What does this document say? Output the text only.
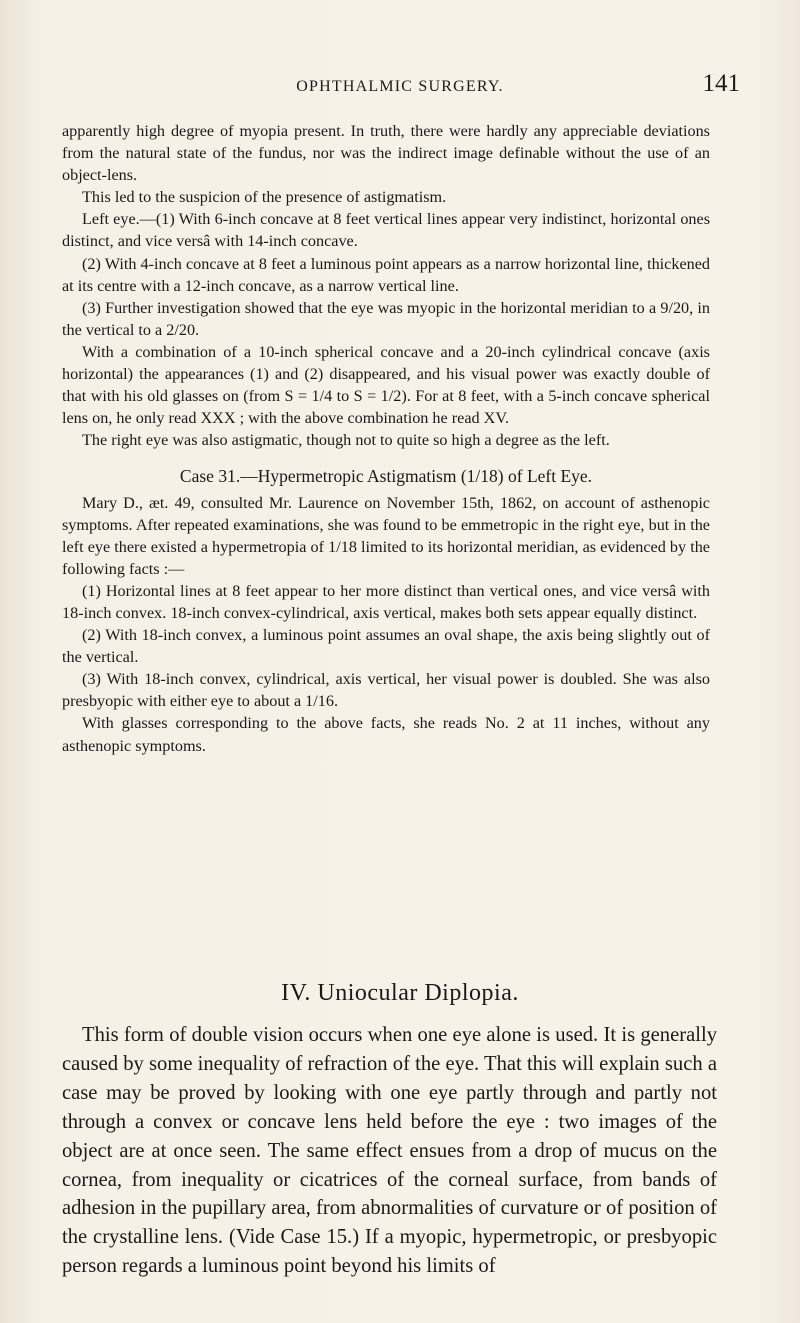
OPHTHALMIC SURGERY.	141

apparently high degree of myopia present. In truth, there were hardly any appreciable deviations from the natural state of the fundus, nor was the indirect image definable without the use of an object-lens.

This led to the suspicion of the presence of astigmatism.

Left eye.—(1) With 6-inch concave at 8 feet vertical lines appear very indistinct, horizontal ones distinct, and vice versâ with 14-inch concave.

(2) With 4-inch concave at 8 feet a luminous point appears as a narrow horizontal line, thickened at its centre with a 12-inch concave, as a narrow vertical line.

(3) Further investigation showed that the eye was myopic in the horizontal meridian to a 9/20, in the vertical to a 2/20.

With a combination of a 10-inch spherical concave and a 20-inch cylindrical concave (axis horizontal) the appearances (1) and (2) disappeared, and his visual power was exactly double of that with his old glasses on (from S = 1/4 to S = 1/2). For at 8 feet, with a 5-inch concave spherical lens on, he only read XXX ; with the above combination he read XV.

The right eye was also astigmatic, though not to quite so high a degree as the left.

Case 31.—Hypermetropic Astigmatism (1/18) of Left Eye.

Mary D., æt. 49, consulted Mr. Laurence on November 15th, 1862, on account of asthenopic symptoms. After repeated examinations, she was found to be emmetropic in the right eye, but in the left eye there existed a hypermetropia of 1/18 limited to its horizontal meridian, as evidenced by the following facts :—

(1) Horizontal lines at 8 feet appear to her more distinct than vertical ones, and vice versâ with 18-inch convex. 18-inch convex-cylindrical, axis vertical, makes both sets appear equally distinct.

(2) With 18-inch convex, a luminous point assumes an oval shape, the axis being slightly out of the vertical.

(3) With 18-inch convex, cylindrical, axis vertical, her visual power is doubled. She was also presbyopic with either eye to about a 1/16.

With glasses corresponding to the above facts, she reads No. 2 at 11 inches, without any asthenopic symptoms.

IV. Uniocular Diplopia.

This form of double vision occurs when one eye alone is used. It is generally caused by some inequality of refraction of the eye. That this will explain such a case may be proved by looking with one eye partly through and partly not through a convex or concave lens held before the eye : two images of the object are at once seen. The same effect ensues from a drop of mucus on the cornea, from inequality or cicatrices of the corneal surface, from bands of adhesion in the pupillary area, from abnormalities of curvature or of position of the crystalline lens. (Vide Case 15.) If a myopic, hypermetropic, or presbyopic person regards a luminous point beyond his limits of
